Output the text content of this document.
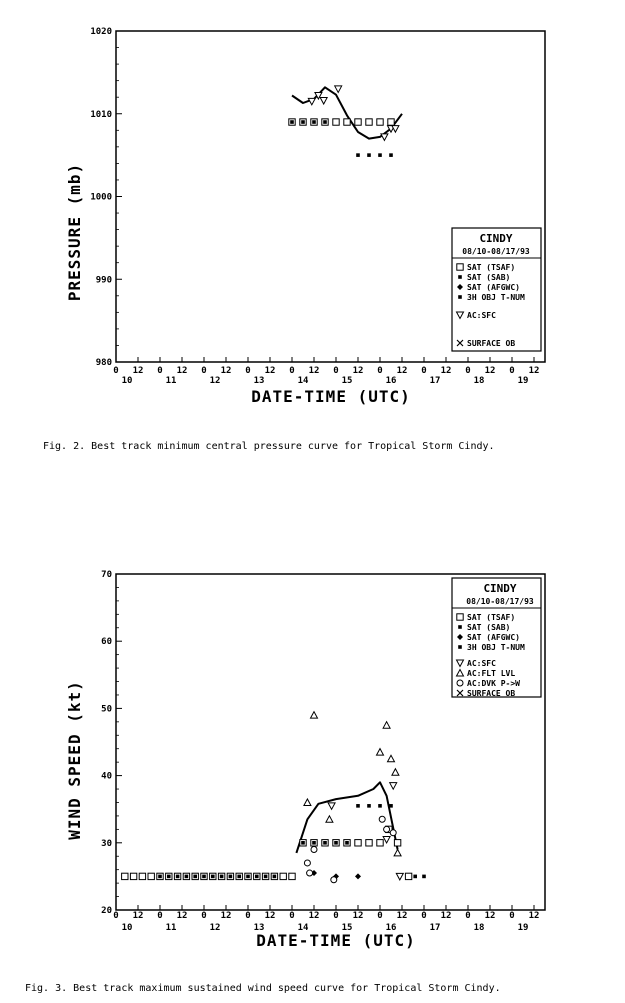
980
990
1000
1010
1020
0 12 0 12 0 12 0 12 0 12 0 12 0 12 0 12 0 12 0 12
10	11	12	13	14	15	16	17	18	19
PRESSURE (mb)
DATE-TIME (UTC)
CINDY
08/10-08/17/93
SAT (TSAF)
SAT (SAB)
SAT (AFGWC)
3H OBJ T-NUM
AC:SFC
SURFACE OB
20
30
40
50
60
70
0 12 0 12 0 12 0 12 0 12 0 12 0 12 0 12 0 12 0 12
10	11	12	13	14	15	16	17	18	19
WIND SPEED (kt)
DATE-TIME (UTC)
CINDY
08/10-08/17/93
SAT (TSAF)
SAT (SAB)
SAT (AFGWC)
3H OBJ T-NUM
AC:SFC
AC:FLT LVL
AC:DVK P->W
SURFACE OB
Fig. 2. Best track minimum central pressure curve for Tropical Storm Cindy.
Fig. 3. Best track maximum sustained wind speed curve for Tropical Storm Cindy.
